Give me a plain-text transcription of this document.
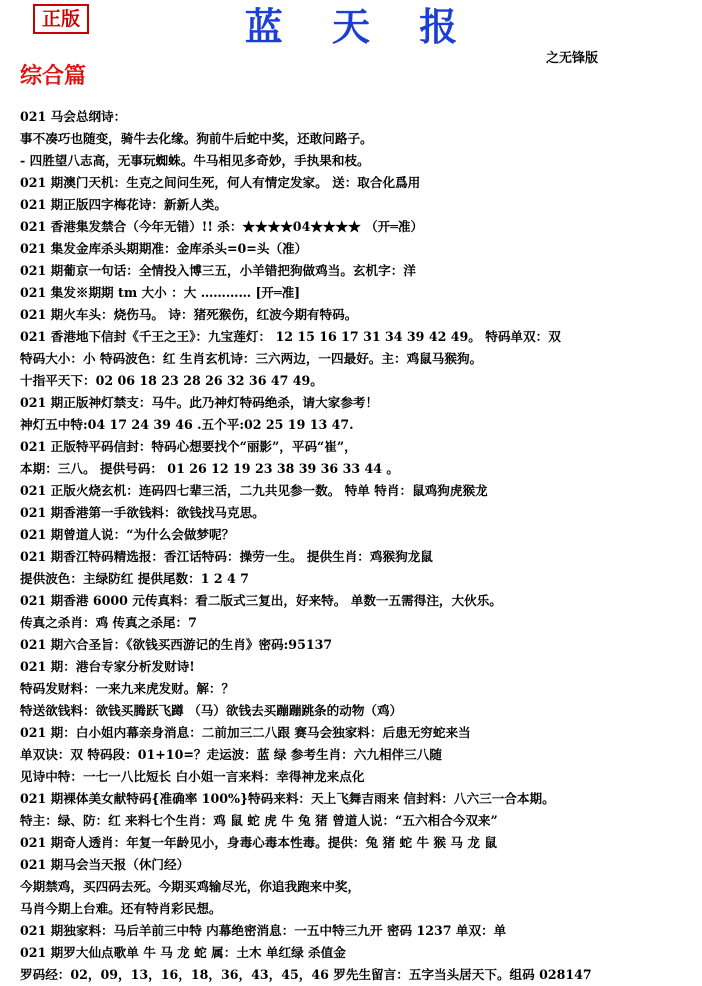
正版	蓝 天 报
之无锋版
综合篇
021 马会总纲诗：
事不凑巧也随变，骑牛去化缘。狗前牛后蛇中奖，还敢问路子。
- 四胜望八志高，无事玩蜘蛛。牛马相见多奇妙，手执果和枝。
021 期澳门天机：生克之间问生死，何人有情定发家。 送：取合化爲用
021 期正版四字梅花诗：新新人类。
021 香港集发禁合（今年无错）!! 杀：★★★★04★★★★ （开═准）
021 集发金库杀头期期准：金库杀头=0=头（准）
021 期葡京一句话：全情投入博三五，小羊错把狗做鸡当。玄机字：洋
021 集发※期期 tm 大小 ：大 ………… [开═准]
021 期火车头：烧伤马。 诗：猪死猴伤，红波今期有特码。
021 香港地下信封《千王之王》：九宝莲灯： 12 15 16 17 31 34 39 42 49。 特码单双：双
特码大小：小 特码波色：红 生肖玄机诗：三六两边，一四最好。主：鸡鼠马猴狗。
十指平天下：02 06 18 23 28 26 32 36 47 49。
021 期正版神灯禁支：马牛。此乃神灯特码绝杀，请大家参考！
神灯五中特:04 17 24 39 46 .五个平:02 25 19 13 47.
021 正版特平码信封：特码心想要找个“丽影”，平码“崔”，
本期：三八。 提供号码： 01 26 12 19 23 38 39 36 33 44 。
021 正版火烧玄机：连码四七辈三活，二九共见参一数。 特单 特肖：鼠鸡狗虎猴龙
021 期香港第一手欲钱料：欲钱找马克思。
021 期曾道人说：“为什么会做梦呢？
021 期香江特码精选报：香江话特码：操劳一生。 提供生肖：鸡猴狗龙鼠
提供波色：主绿防红 提供尾数：1 2 4 7
021 期香港 6000 元传真料：看二版式三复出，好来特。 单数一五需得注，大伙乐。
传真之杀肖：鸡 传真之杀尾：7
021 期六合圣旨：《欲钱买西游记的生肖》密码:95137
021 期：港台专家分析发财诗!
特码发财料：一来九来虎发财。解：？
特送欲钱料：欲钱买腾跃飞蹲 （马）欲钱去买蹦蹦跳条的动物（鸡）
021 期：白小姐内幕亲身消息：二前加三二八跟 赛马会独家料：后患无穷蛇来当
单双诀：双 特码段：01+10=？走运波：蓝 绿 参考生肖：六九相伴三八随
见诗中特：一七一八比短长 白小姐一言来料：幸得神龙来点化
021 期裸体美女献特码{准确率 100%}特码来料：天上飞舞吉雨来 信封料：八六三一合本期。
特主：绿、防：红 来料七个生肖：鸡 鼠 蛇 虎 牛 兔 猪 曾道人说：“五六相合今双来”
021 期奇人透肖：年复一年龄见小，身毒心毒本性毒。提供：兔 猪 蛇 牛 猴 马 龙 鼠
021 期马会当天报（休门经）
今期禁鸡，买四码去死。今期买鸡输尽光，你追我跑来中奖，
马肖今期上台难。还有特肖彩民想。
021 期独家料：马后羊前三中特 内幕绝密消息：一五中特三九开 密码 1237 单双：单
021 期罗大仙点歌单 牛 马 龙 蛇 属：土木 单红绿 杀值金
罗码经：02，09，13，16，18，36，43，45，46 罗先生留言：五字当头居天下。组码 028147
